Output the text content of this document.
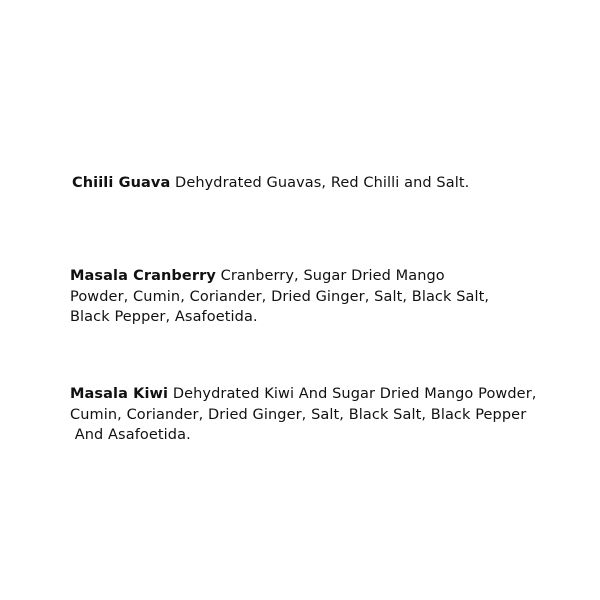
Chiili Guava Dehydrated Guavas, Red Chilli and Salt.
Masala Cranberry Cranberry, Sugar Dried Mango
Powder, Cumin, Coriander, Dried Ginger, Salt, Black Salt,
Black Pepper, Asafoetida.
Masala Kiwi Dehydrated Kiwi And Sugar Dried Mango Powder,
Cumin, Coriander, Dried Ginger, Salt, Black Salt, Black Pepper
And Asafoetida.
